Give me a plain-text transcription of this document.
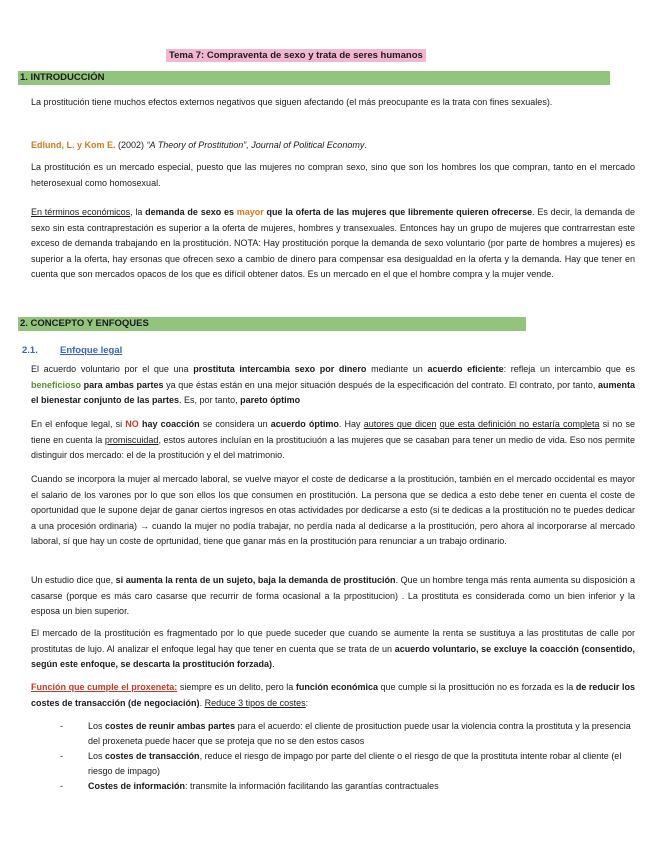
Tema 7: Compraventa de sexo y trata de seres humanos
1. INTRODUCCIÓN
La prostitución tiene muchos efectos externos negativos que siguen afectando (el más preocupante es la trata con fines sexuales).
Edlund, L. y Kom E. (2002) “A Theory of Prostitution”, Journal of Political Economy.
La prostitución es un mercado especial, puesto que las mujeres no compran sexo, sino que son los hombres los que compran, tanto en el mercado heterosexual como homosexual.
En términos económicos, la demanda de sexo es mayor que la oferta de las mujeres que libremente quieren ofrecerse. Es decir, la demanda de sexo sin esta contraprestación es superior a la oferta de mujeres, hombres y transexuales. Entonces hay un grupo de mujeres que contrarrestan este exceso de demanda trabajando en la prostitución. NOTA: Hay prostitución porque la demanda de sexo voluntario (por parte de hombres a mujeres) es superior a la oferta, hay ersonas que ofrecen sexo a cambio de dinero para compensar esa desigualdad en la oferta y la demanda. Hay que tener en cuenta que son mercados opacos de los que es difícil obtener datos. Es un mercado en el que el hombre compra y la mujer vende.
2. CONCEPTO Y ENFOQUES
2.1. Enfoque legal
El acuerdo voluntario por el que una prostituta intercambia sexo por dinero mediante un acuerdo eficiente: refleja un intercambio que es beneficioso para ambas partes ya que éstas están en una mejor situación después de la especificación del contrato. El contrato, por tanto, aumenta el bienestar conjunto de las partes. Es, por tanto, pareto óptimo
En el enfoque legal, si NO hay coacción se considera un acuerdo óptimo. Hay autores que dicen que esta definición no estaría completa si no se tiene en cuenta la promiscuidad, estos autores incluían en la prostituciuón a las mujeres que se casaban para tener un medio de vida. Eso nos permite distinguir dos mercado: el de la prostitución y el del matrimonio.
Cuando se incorpora la mujer al mercado laboral, se vuelve mayor el coste de dedicarse a la prostitución, también en el mercado occidental es mayor el salario de los varones por lo que son ellos los que consumen en prostitución. La persona que se dedica a esto debe tener en cuenta el coste de oportunidad que le supone dejar de ganar ciertos ingresos en otas actividades por dedicarse a esto (si te dedicas a la prostitución no te puedes dedicar a una procesión ordinaria) → cuando la mujer no podía trabajar, no perdía nada al dedicarse a la prostitución, pero ahora al incorporarse al mercado laboral, sí que hay un coste de oprtunidad, tiene que ganar más en la prostitución para renunciar a un trabajo ordinario.
Un estudio dice que, si aumenta la renta de un sujeto, baja la demanda de prostitución. Que un hombre tenga más renta aumenta su disposición a casarse (porque es más caro casarse que recurrir de forma ocasional a la prpostitucion) . La prostituta es considerada como un bien inferior y la esposa un bien superior.
El mercado de la prostitución es fragmentado por lo que puede suceder que cuando se aumente la renta se sustituya a las prostitutas de calle por prostitutas de lujo. Al analizar el enfoque legal hay que tener en cuenta que se trata de un acuerdo voluntario, se excluye la coacción (consentido, según este enfoque, se descarta la prostitución forzada).
Función que cumple el proxeneta: siempre es un delito, pero la función económica que cumple si la prosittución no es forzada es la de reducir los costes de transacción (de negociación). Reduce 3 tipos de costes:
-	Los costes de reunir ambas partes para el acuerdo: el cliente de prosituction puede usar la violencia contra la prostituta y la presencia del proxeneta puede hacer que se proteja que no se den estos casos
-	Los costes de transacción, reduce el riesgo de impago por parte del cliente o el riesgo de que la prostituta intente robar al cliente (el riesgo de impago)
-	Costes de información: transmite la información facilitando las garantías contractuales
